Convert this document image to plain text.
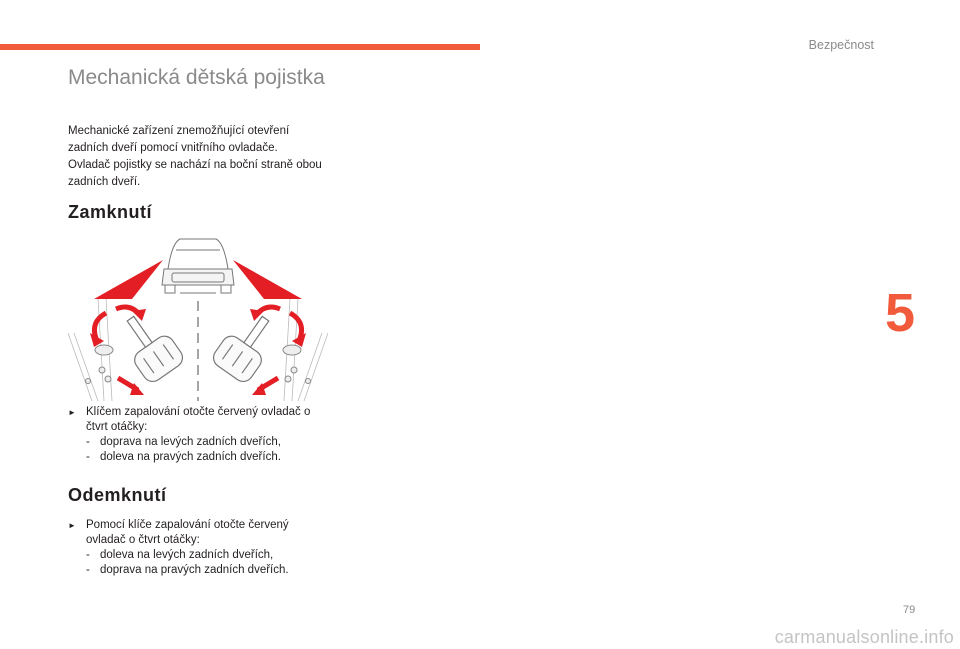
Bezpečnost
5
Mechanická dětská pojistka

Mechanické zařízení znemožňující otevření zadních dveří pomocí vnitřního ovladače.

Ovladač pojistky se nachází na boční straně obou zadních dveří.

Zamknutí
► Klíčem zapalování otočte červený ovladač o čtvrt otáčky:
- doprava na levých zadních dveřích,
- doleva na pravých zadních dveřích.
Odemknutí
► Pomocí klíče zapalování otočte červený ovladač o čtvrt otáčky:
- doleva na levých zadních dveřích,
- doprava na pravých zadních dveřích.
79
carmanualsonline.info
